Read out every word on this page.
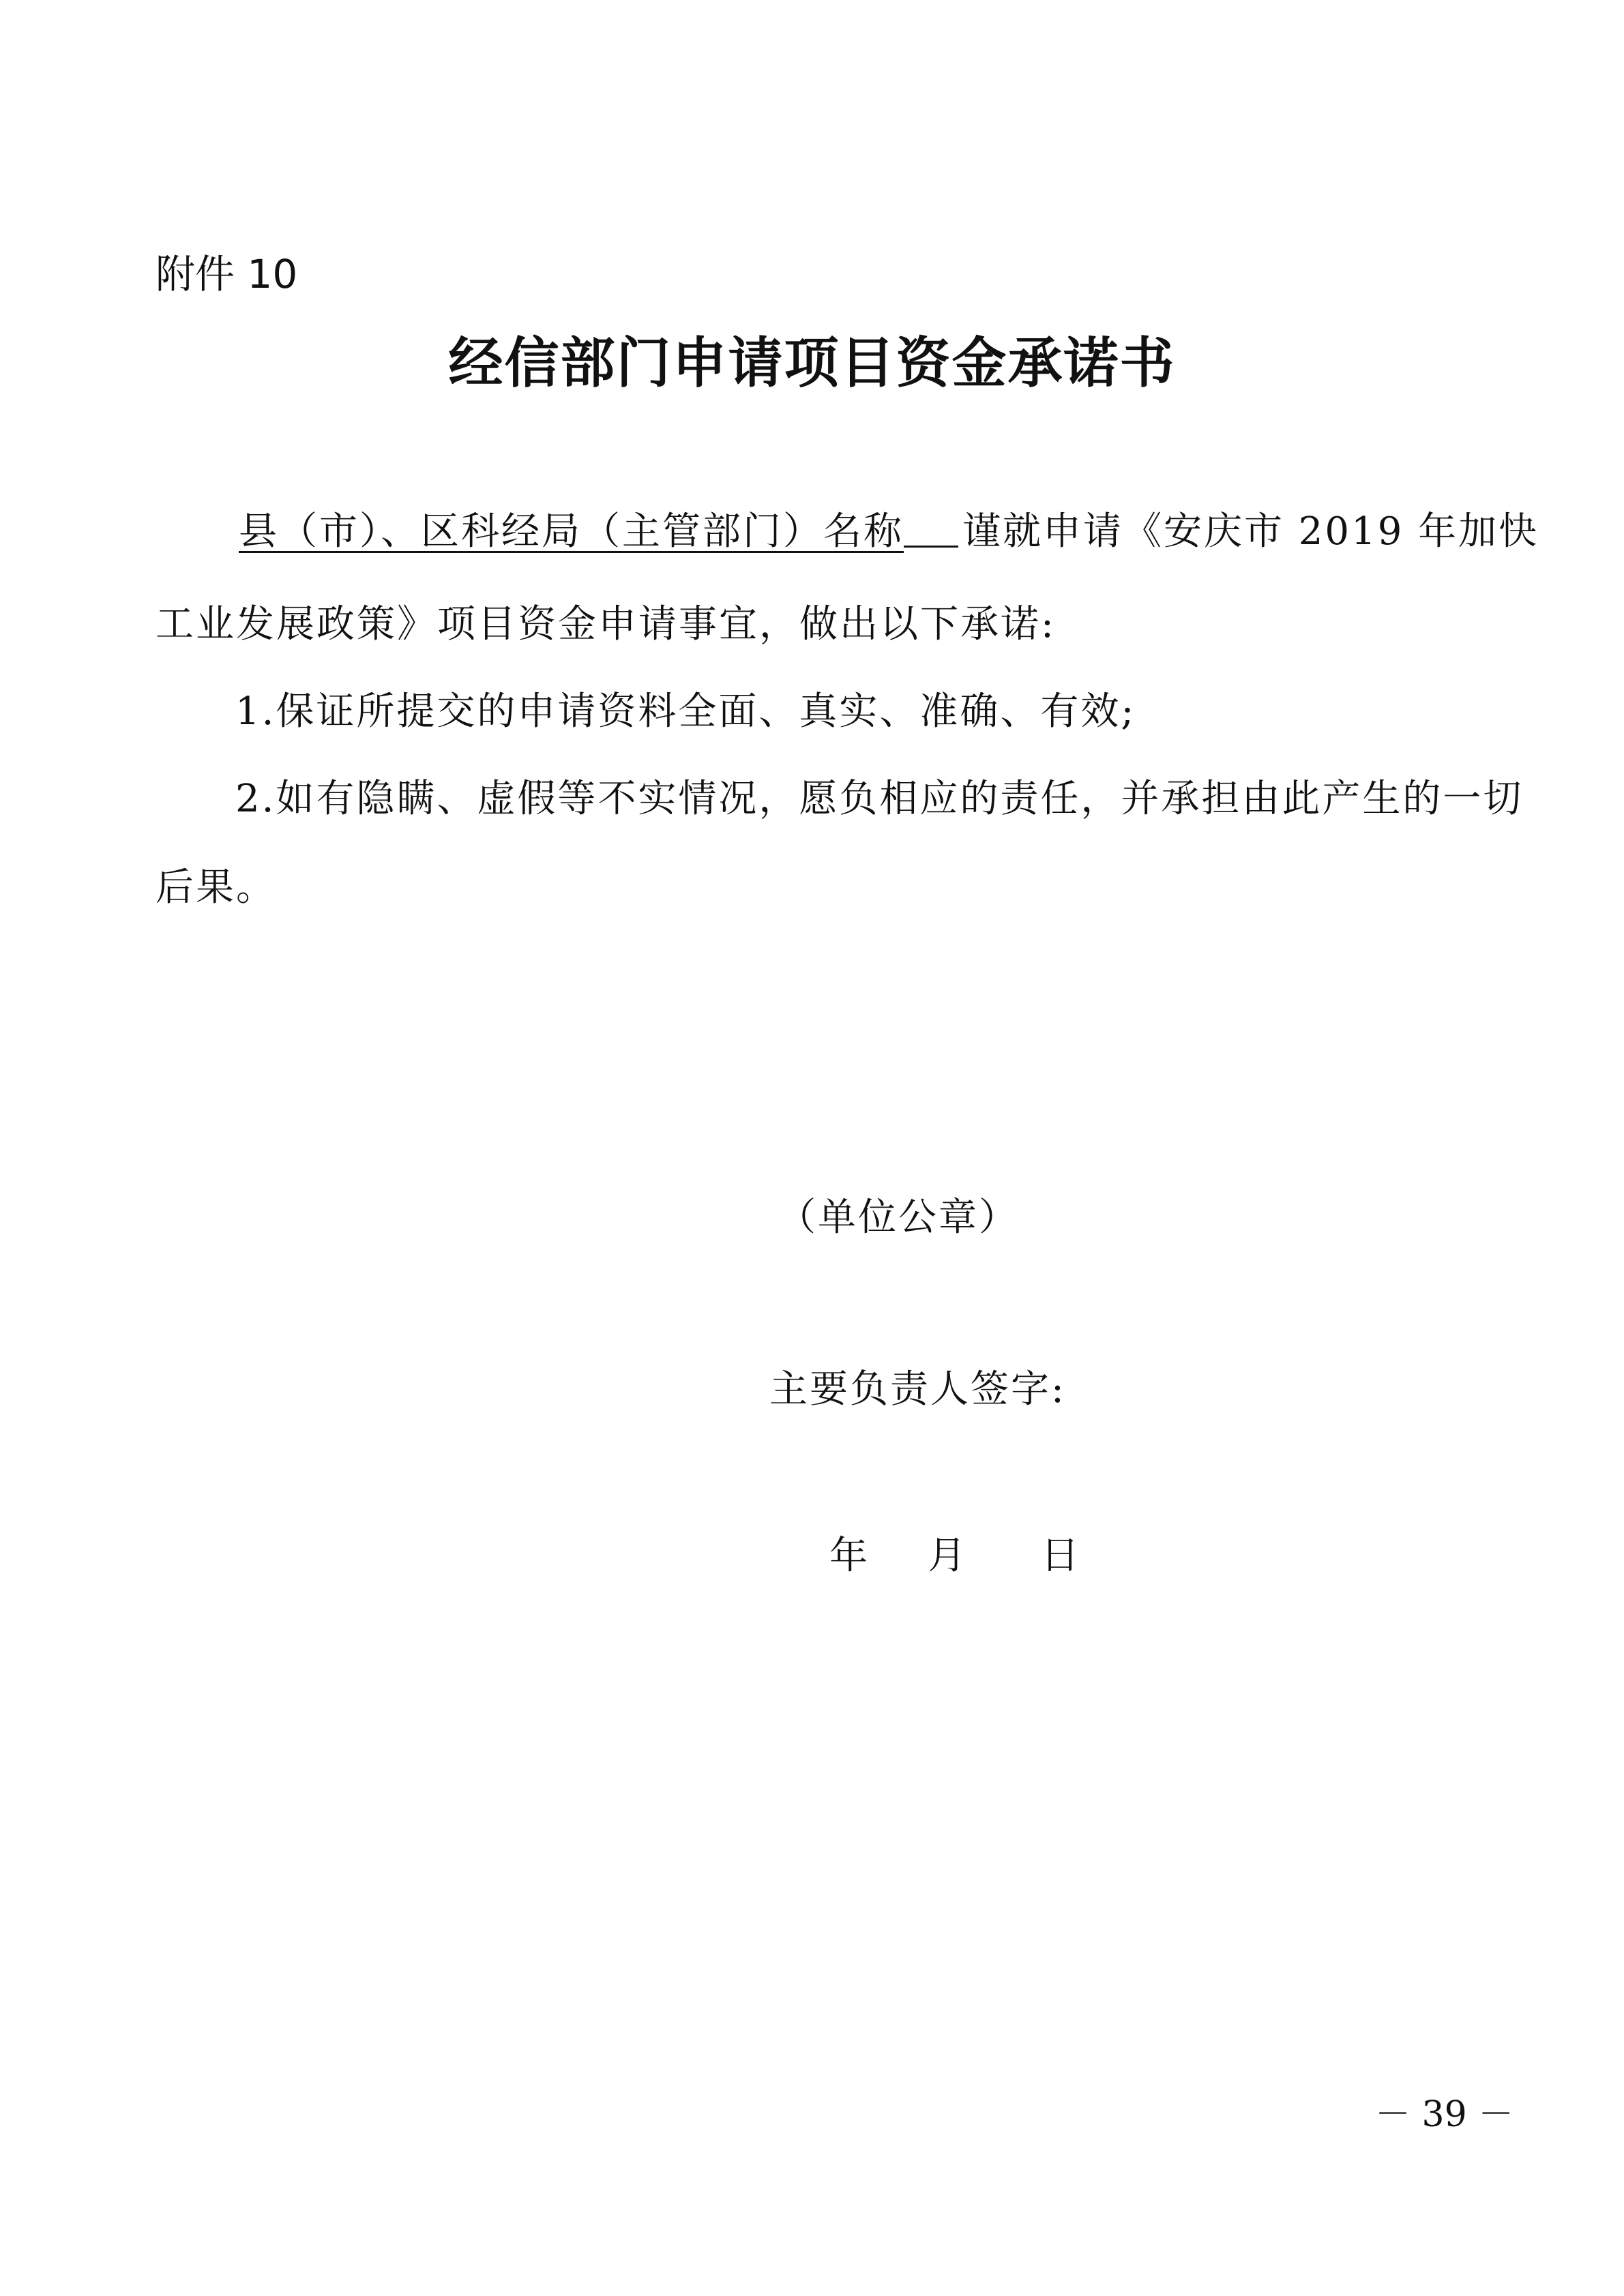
附件 10
经信部门申请项目资金承诺书
县（市）、区科经局（主管部门）名称 谨就申请《安庆市 2019 年加快
工业发展政策》项目资金申请事宜，做出以下承诺:
1.保证所提交的申请资料全面、真实、准确、有效;
2.如有隐瞒、虚假等不实情况，愿负相应的责任，并承担由此产生的一切
后果。
（单位公章）
主要负责人签字:
年 月 日
－ 39 －
